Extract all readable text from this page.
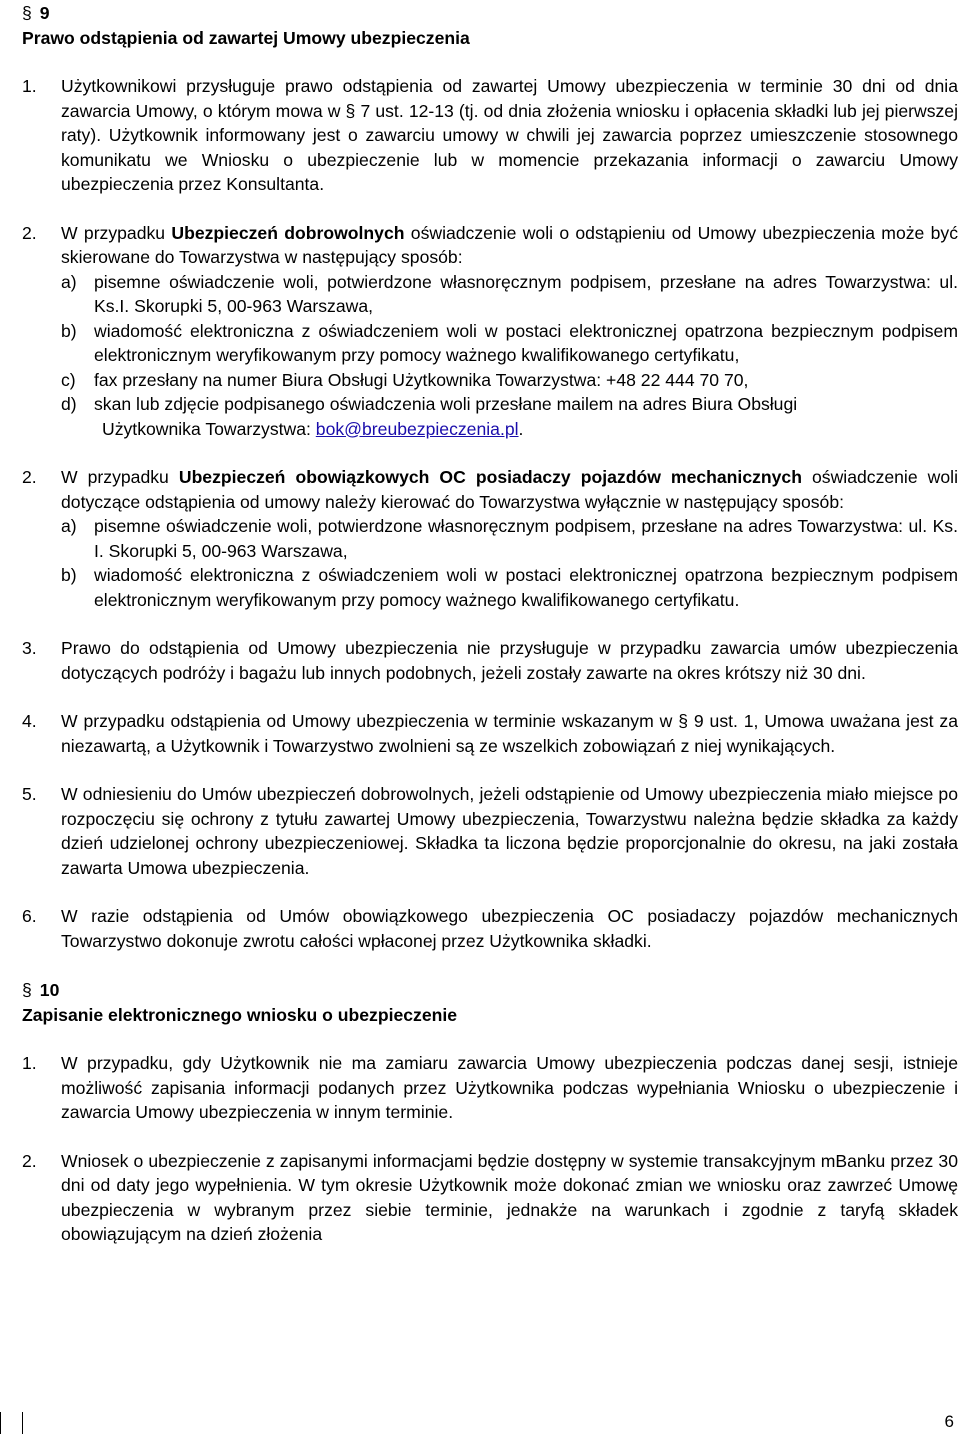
§ 9
Prawo odstąpienia od zawartej Umowy ubezpieczenia
1.	Użytkownikowi przysługuje prawo odstąpienia od zawartej Umowy ubezpieczenia w terminie 30 dni od dnia zawarcia Umowy, o którym mowa w § 7 ust. 12-13 (tj. od dnia złożenia wniosku i opłacenia składki lub jej pierwszej raty). Użytkownik informowany jest o zawarciu umowy w chwili jej zawarcia poprzez umieszczenie stosownego komunikatu we Wniosku o ubezpieczenie lub w momencie przekazania informacji o zawarciu Umowy ubezpieczenia przez Konsultanta.
2.	W przypadku Ubezpieczeń dobrowolnych oświadczenie woli o odstąpieniu od Umowy ubezpieczenia może być skierowane do Towarzystwa w następujący sposób:
a) pisemne oświadczenie woli, potwierdzone własnoręcznym podpisem, przesłane na adres Towarzystwa: ul. Ks.I. Skorupki 5, 00-963 Warszawa,
b) wiadomość elektroniczna z oświadczeniem woli w postaci elektronicznej opatrzona bezpiecznym podpisem elektronicznym weryfikowanym przy pomocy ważnego kwalifikowanego certyfikatu,
c)	fax przesłany na numer Biura Obsługi Użytkownika Towarzystwa: +48 22 444 70 70,
d) skan lub zdjęcie podpisanego oświadczenia woli przesłane mailem na adres Biura Obsługi
Użytkownika Towarzystwa: bok@breubezpieczenia.pl.
2.	W przypadku Ubezpieczeń obowiązkowych OC posiadaczy pojazdów mechanicznych oświadczenie woli dotyczące odstąpienia od umowy należy kierować do Towarzystwa wyłącznie w następujący sposób:
a) pisemne oświadczenie woli, potwierdzone własnoręcznym podpisem, przesłane na adres Towarzystwa: ul. Ks. I. Skorupki 5, 00-963 Warszawa,
b) wiadomość elektroniczna z oświadczeniem woli w postaci elektronicznej opatrzona bezpiecznym podpisem elektronicznym weryfikowanym przy pomocy ważnego kwalifikowanego certyfikatu.
3.	Prawo do odstąpienia od Umowy ubezpieczenia nie przysługuje w przypadku zawarcia umów ubezpieczenia dotyczących podróży i bagażu lub innych podobnych, jeżeli zostały zawarte na okres krótszy niż 30 dni.
4.	W przypadku odstąpienia od Umowy ubezpieczenia w terminie wskazanym w § 9 ust. 1, Umowa uważana jest za niezawartą, a Użytkownik i Towarzystwo zwolnieni są ze wszelkich zobowiązań z niej wynikających.
5.	W odniesieniu do Umów ubezpieczeń dobrowolnych, jeżeli odstąpienie od Umowy ubezpieczenia miało miejsce po rozpoczęciu się ochrony z tytułu zawartej Umowy ubezpieczenia, Towarzystwu należna będzie składka za każdy dzień udzielonej ochrony ubezpieczeniowej. Składka ta liczona będzie proporcjonalnie do okresu, na jaki została zawarta Umowa ubezpieczenia.
6.	W razie odstąpienia od Umów obowiązkowego ubezpieczenia OC posiadaczy pojazdów mechanicznych Towarzystwo dokonuje zwrotu całości wpłaconej przez Użytkownika składki.
§ 10
Zapisanie elektronicznego wniosku o ubezpieczenie
1.	W przypadku, gdy Użytkownik nie ma zamiaru zawarcia Umowy ubezpieczenia podczas danej sesji, istnieje możliwość zapisania informacji podanych przez Użytkownika podczas wypełniania Wniosku o ubezpieczenie i zawarcia Umowy ubezpieczenia w innym terminie.
2.	Wniosek o ubezpieczenie z zapisanymi informacjami będzie dostępny w systemie transakcyjnym mBanku przez 30 dni od daty jego wypełnienia. W tym okresie Użytkownik może dokonać zmian we wniosku oraz zawrzeć Umowę ubezpieczenia w wybranym przez siebie terminie, jednakże na warunkach i zgodnie z taryfą składek obowiązującym na dzień złożenia
6
